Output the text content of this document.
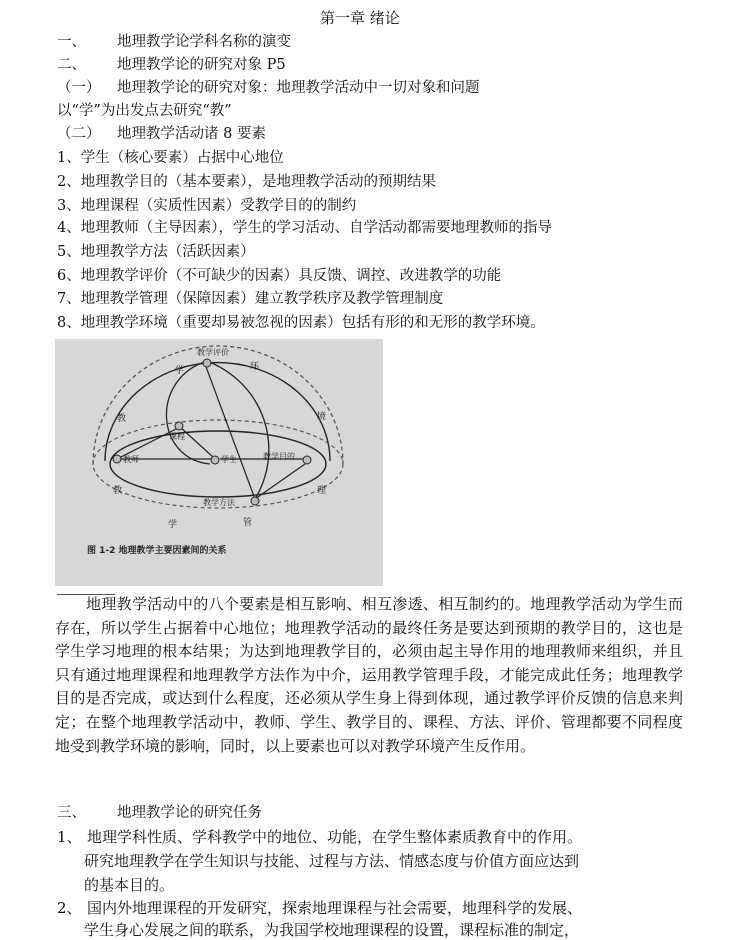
第一章 绪论
一、 地理教学论学科名称的演变
二、 地理教学论的研究对象 P5
（一） 地理教学论的研究对象：地理教学活动中一切对象和问题
以“学”为出发点去研究“教”
（二） 地理教学活动诸 8 要素
1、学生（核心要素）占据中心地位
2、地理教学目的（基本要素），是地理教学活动的预期结果
3、地理课程（实质性因素）受教学目的的制约
4、地理教师（主导因素），学生的学习活动、自学活动都需要地理教师的指导
5、地理教学方法（活跃因素）
6、地理教学评价（不可缺少的因素）具反馈、调控、改进教学的功能
7、地理教学管理（保障因素）建立教学秩序及教学管理制度
8、地理教学环境（重要却易被忽视的因素）包括有形的和无形的教学环境。
教学评价
课程
教师	学生	教学目的
教学方法
学	环
教	境
教	理
学	管
图 1-2 地理教学主要因素间的关系
地理教学活动中的八个要素是相互影响、相互渗透、相互制约的。地理教学活动为学生而存在，所以学生占据着中心地位；地理教学活动的最终任务是要达到预期的教学目的，这也是学生学习地理的根本结果；为达到地理教学目的，必须由起主导作用的地理教师来组织，并且只有通过地理课程和地理教学方法作为中介，运用教学管理手段，才能完成此任务；地理教学目的是否完成，或达到什么程度，还必须从学生身上得到体现，通过教学评价反馈的信息来判定；在整个地理教学活动中，教师、学生、教学目的、课程、方法、评价、管理都要不同程度地受到教学环境的影响，同时，以上要素也可以对教学环境产生反作用。
三、 地理教学论的研究任务
1、 地理学科性质、学科教学中的地位、功能，在学生整体素质教育中的作用。
研究地理教学在学生知识与技能、过程与方法、情感态度与价值方面应达到
的基本目的。
2、 国内外地理课程的开发研究，探索地理课程与社会需要，地理科学的发展、
学生身心发展之间的联系，为我国学校地理课程的设置，课程标准的制定，
